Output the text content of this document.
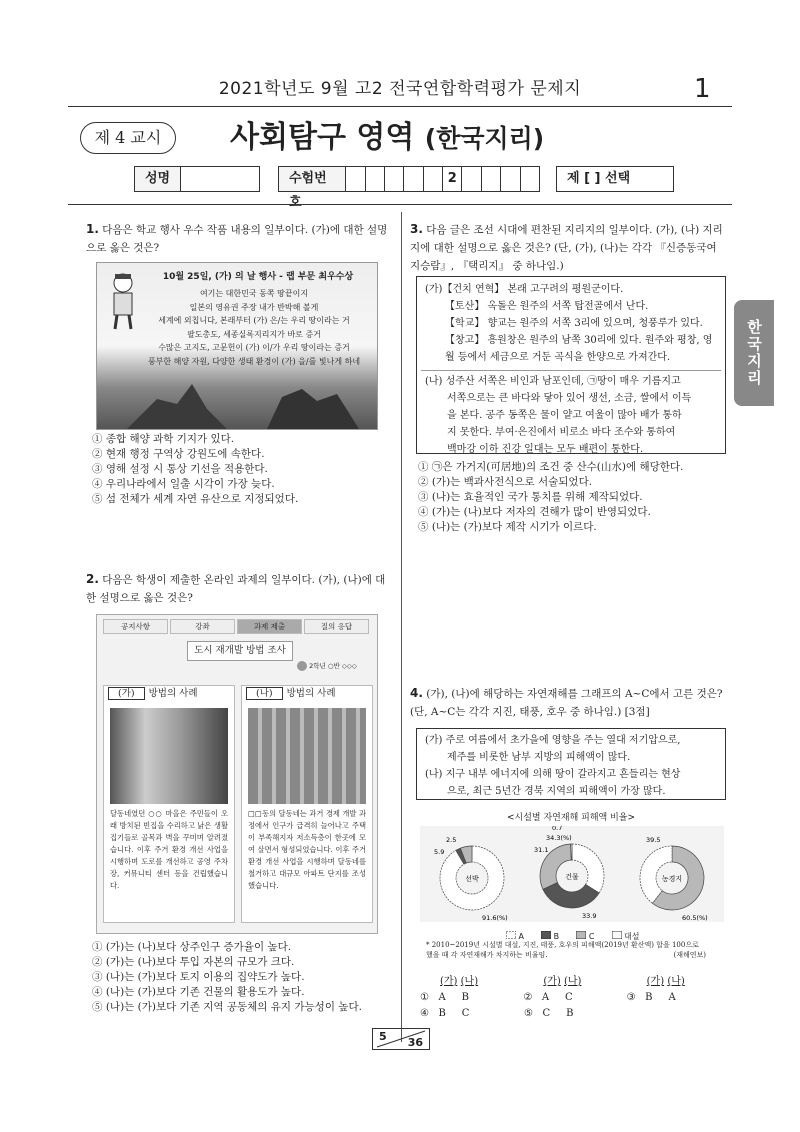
2021학년도 9월 고2 전국연합학력평가 문제지	1
제 4 교시	사회탐구 영역 (한국지리)
성명	수험번호
2	제 [ ] 선택
한국지리
1. 다음은 학교 행사 우수 작품 내용의 일부이다. (가)에 대한 설명으로 옳은 것은?
10월 25일, (가) 의 날 행사 - 랩 부문 최우수상
여기는 대한민국 동쪽 땅끝이지
일본의 영유권 주장 내가 반박해 볼게
세계에 외칩니다, 본래부터 (가) 은/는 우리 땅이라는 거
팔도총도, 세종실록지리지가 바로 증거
수많은 고지도, 고문헌이 (가) 이/가 우리 땅이라는 증거
풍부한 해양 자원, 다양한 생태 환경이 (가) 을/를 빛나게 하네
① 종합 해양 과학 기지가 있다.
② 현재 행정 구역상 강원도에 속한다.
③ 영해 설정 시 통상 기선을 적용한다.
④ 우리나라에서 일출 시각이 가장 늦다.
⑤ 섬 전체가 세계 자연 유산으로 지정되었다.
2. 다음은 학생이 제출한 온라인 과제의 일부이다. (가), (나)에 대한 설명으로 옳은 것은?
공지사항	강좌	과제 제출	질의 응답
도시 재개발 방법 조사
2학년 ○반 ◇◇◇
(가) 방법의 사례
달동네였던 ○○ 마을은 주민들이 오래 방치된 빈집을 수리하고 낡은 생활 집기들로 골목과 벽을 꾸미며 알려졌습니다. 이후 주거 환경 개선 사업을 시행하며 도로를 개선하고 공영 주차장, 커뮤니티 센터 등을 건립했습니다.
(나) 방법의 사례
□□동의 달동네는 과거 경제 개발 과정에서 인구가 급격히 늘어나고 주택이 부족해지자 저소득층이 한곳에 모여 살면서 형성되었습니다. 이후 주거 환경 개선 사업을 시행하며 달동네를 철거하고 대규모 아파트 단지를 조성했습니다.
① (가)는 (나)보다 상주인구 증가율이 높다.
② (가)는 (나)보다 투입 자본의 규모가 크다.
③ (나)는 (가)보다 토지 이용의 집약도가 높다.
④ (나)는 (가)보다 기존 건물의 활용도가 높다.
⑤ (나)는 (가)보다 기존 지역 공동체의 유지 가능성이 높다.
3. 다음 글은 조선 시대에 편찬된 지리지의 일부이다. (가), (나) 지리지에 대한 설명으로 옳은 것은? (단, (가), (나)는 각각 『신증동국여지승람』, 『택리지』 중 하나임.)
(가)【건치 연혁】 본래 고구려의 평원군이다.
【토산】 옥돌은 원주의 서쪽 탑전골에서 난다.
【학교】 향교는 원주의 서쪽 3리에 있으며, 청풍루가 있다.
【창고】 흥원창은 원주의 남쪽 30리에 있다. 원주와 평창, 영월 등에서 세금으로 거둔 곡식을 한양으로 가져간다.
(나) 성주산 서쪽은 비인과 남포인데, ㉠땅이 매우 기름지고
서쪽으로는 큰 바다와 닿아 있어 생선, 소금, 쌀에서 이득
을 본다. 공주 동쪽은 물이 얕고 여울이 많아 배가 통하
지 못한다. 부여·은진에서 비로소 바다 조수와 통하여
백마강 이하 진강 일대는 모두 배편이 통한다.
① ㉠은 가거지(可居地)의 조건 중 산수(山水)에 해당한다.
② (가)는 백과사전식으로 서술되었다.
③ (나)는 효율적인 국가 통치를 위해 제작되었다.
④ (가)는 (나)보다 저자의 견해가 많이 반영되었다.
⑤ (나)는 (가)보다 제작 시기가 이르다.
4. (가), (나)에 해당하는 자연재해를 그래프의 A~C에서 고른 것은? (단, A~C는 각각 지진, 태풍, 호우 중 하나임.) [3점]
(가) 주로 여름에서 초가을에 영향을 주는 열대 저기압으로,
제주를 비롯한 남부 지방의 피해액이 많다.
(나) 지구 내부 에너지에 의해 땅이 갈라지고 흔들리는 현상
으로, 최근 5년간 경북 지역의 피해액이 가장 많다.
<시설별 자연재해 피해액 비율>
선박
91.6(%)
2.5
5.9
건물
33.9
34.3(%)
31.1
0.7
농경지
60.5(%)
39.5
A	B	C	대설
* 2010~2019년 시설별 대설, 지진, 태풍, 호우의 피해액(2019년 환산액) 합을 100으로 했을 때 각 자연재해가 차지하는 비율임.	(재해연보)
(가) (나)	(가) (나)	(가) (나)
① A B	② A C	③ B A
④ B C	⑤ C B
5 36
